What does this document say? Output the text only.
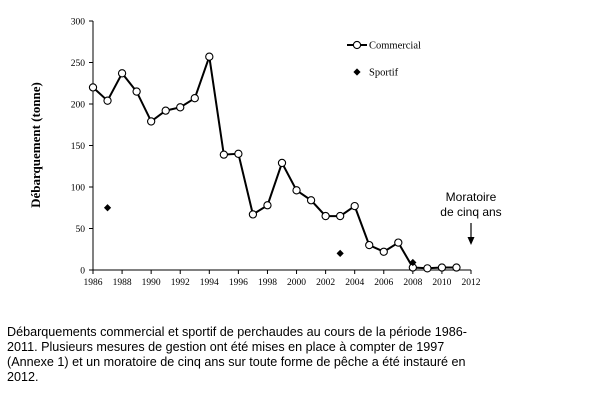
Débarquement (tonne)
0
50
100
150
200
250
300
1986 1988 1990 1992 1994 1996 1998 2000 2002 2004 2006 2008 2010 2012
Commercial
Sportif
Moratoire
de cinq ans

Débarquements commercial et sportif de perchaudes au cours de la période 1986-
2011. Plusieurs mesures de gestion ont été mises en place à compter de 1997
(Annexe 1) et un moratoire de cinq ans sur toute forme de pêche a été instauré en
2012.
